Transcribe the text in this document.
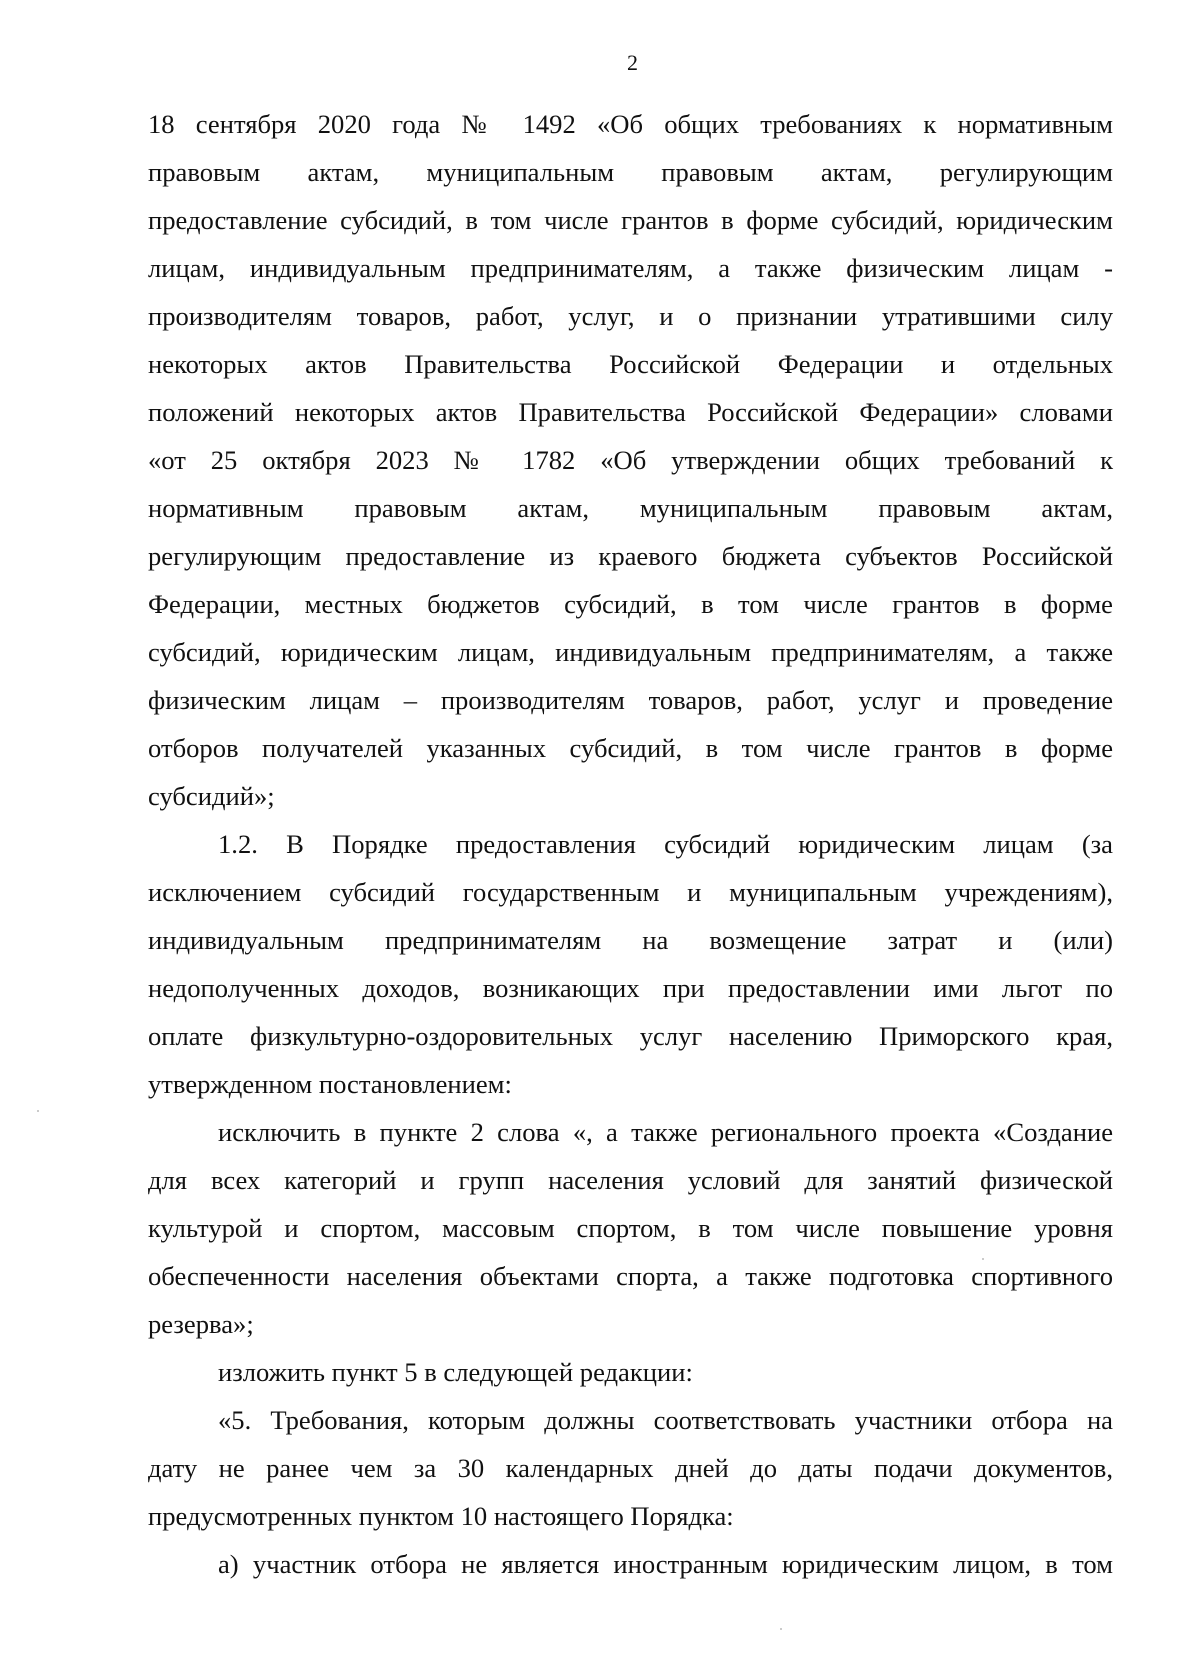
2

18 сентября 2020 года № 1492 «Об общих требованиях к нормативным
правовым актам, муниципальным правовым актам, регулирующим
предоставление субсидий, в том числе грантов в форме субсидий, юридическим
лицам, индивидуальным предпринимателям, а также физическим лицам -
производителям товаров, работ, услуг, и о признании утратившими силу
некоторых актов Правительства Российской Федерации и отдельных
положений некоторых актов Правительства Российской Федерации» словами
«от 25 октября 2023 № 1782 «Об утверждении общих требований к
нормативным правовым актам, муниципальным правовым актам,
регулирующим предоставление из краевого бюджета субъектов Российской
Федерации, местных бюджетов субсидий, в том числе грантов в форме
субсидий, юридическим лицам, индивидуальным предпринимателям, а также
физическим лицам – производителям товаров, работ, услуг и проведение
отборов получателей указанных субсидий, в том числе грантов в форме
субсидий»;

1.2. В Порядке предоставления субсидий юридическим лицам (за
исключением субсидий государственным и муниципальным учреждениям),
индивидуальным предпринимателям на возмещение затрат и (или)
недополученных доходов, возникающих при предоставлении ими льгот по
оплате физкультурно-оздоровительных услуг населению Приморского края,
утвержденном постановлением:

исключить в пункте 2 слова «, а также регионального проекта «Создание
для всех категорий и групп населения условий для занятий физической
культурой и спортом, массовым спортом, в том числе повышение уровня
обеспеченности населения объектами спорта, а также подготовка спортивного
резерва»;

изложить пункт 5 в следующей редакции:

«5. Требования, которым должны соответствовать участники отбора на
дату не ранее чем за 30 календарных дней до даты подачи документов,
предусмотренных пунктом 10 настоящего Порядка:

а) участник отбора не является иностранным юридическим лицом, в том
